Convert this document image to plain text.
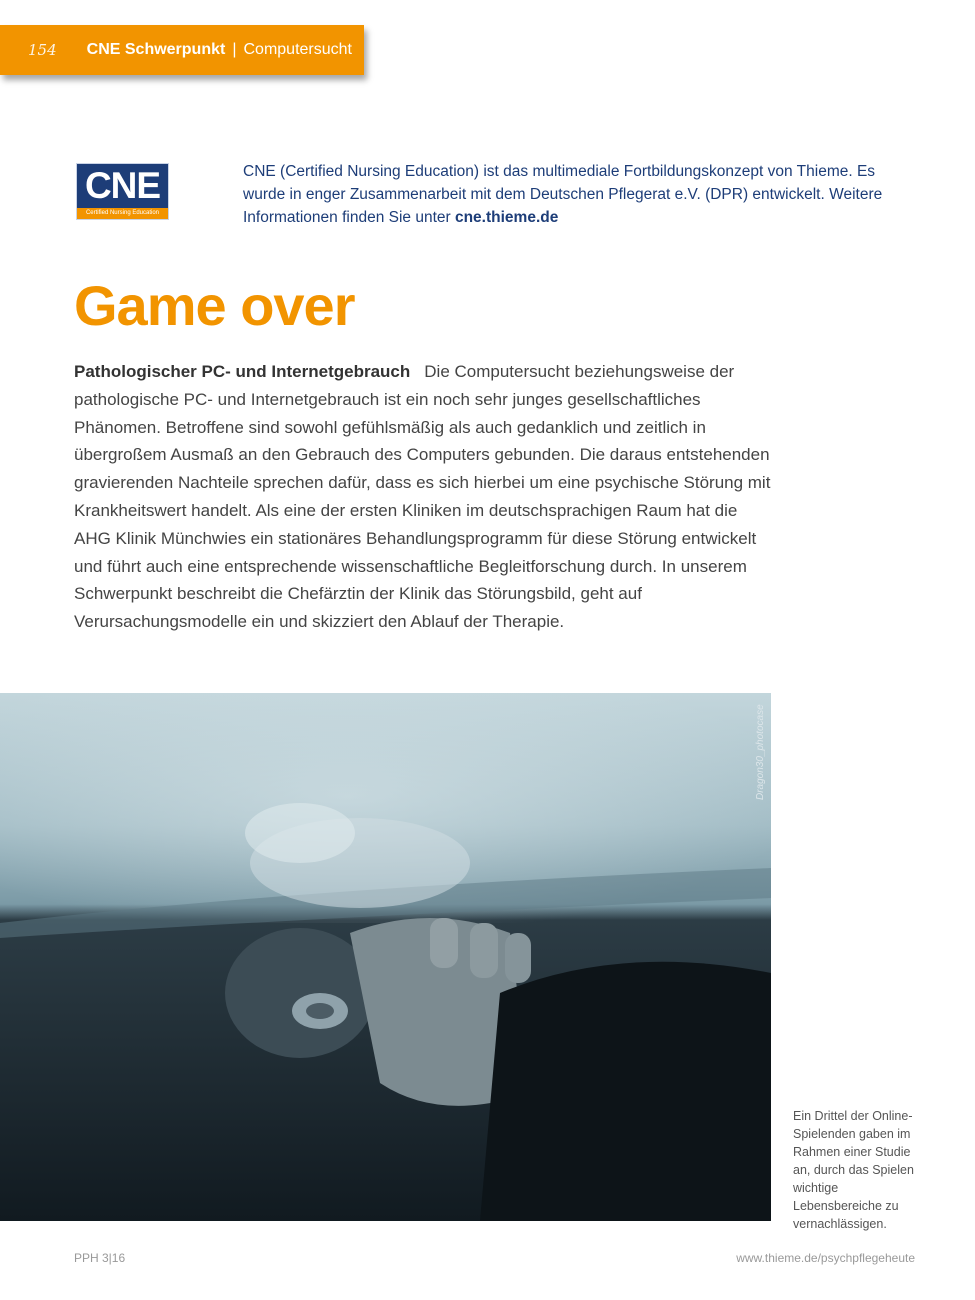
154 CNE Schwerpunkt | Computersucht
CNE
Certified Nursing Education
CNE (Certified Nursing Education) ist das multimediale Fortbildungskonzept von Thieme. Es wurde in enger Zusammenarbeit mit dem Deutschen Pflegerat e.V. (DPR) entwickelt. Weitere Informationen finden Sie unter cne.thieme.de
Game over
Pathologischer PC- und Internetgebrauch Die Computersucht beziehungsweise der pathologische PC- und Internetgebrauch ist ein noch sehr junges gesellschaftliches Phänomen. Betroffene sind sowohl gefühlsmäßig als auch gedanklich und zeitlich in übergroßem Ausmaß an den Gebrauch des Computers gebunden. Die daraus entstehenden gravierenden Nachteile sprechen dafür, dass es sich hierbei um eine psychische Störung mit Krankheitswert handelt. Als eine der ersten Kliniken im deutschsprachigen Raum hat die AHG Klinik Münchwies ein stationäres Behandlungsprogramm für diese Störung entwickelt und führt auch eine entsprechende wissenschaftliche Begleitforschung durch. In unserem Schwerpunkt beschreibt die Chefärztin der Klinik das Störungsbild, geht auf Verursachungsmodelle ein und skizziert den Ablauf der Therapie.
Ein Drittel der Online-Spielenden gaben im Rahmen einer Studie an, durch das Spielen wichtige Lebensbereiche zu vernachlässigen.
PPH 3|16	www.thieme.de/psychpflegeheute
